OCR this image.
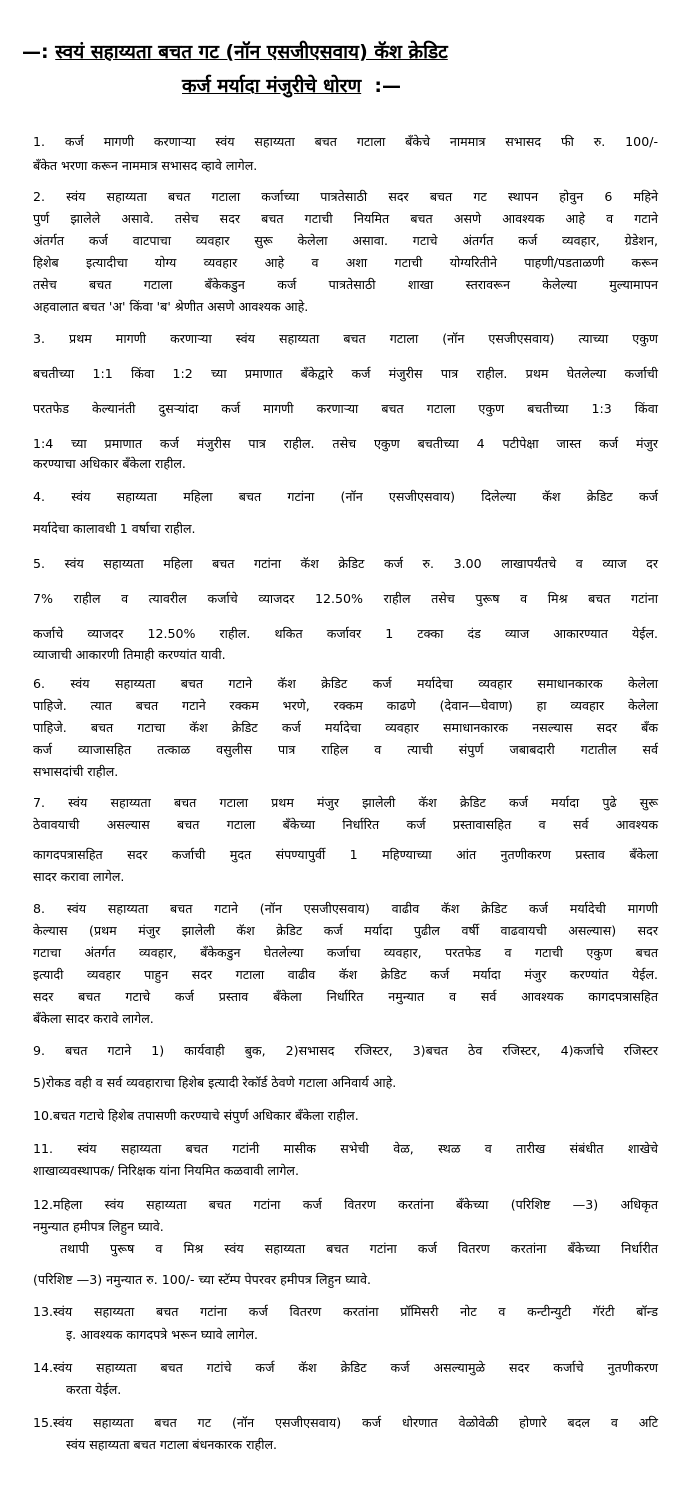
—: स्वयं सहाय्यता बचत गट (नॉन एसजीएसवाय) कॅश क्रेडिट
कर्ज मर्यादा मंजुरीचे धोरण :—
1. कर्ज मागणी करणाऱ्या स्वंय सहाय्यता बचत गटाला बँकेचे नाममात्र सभासद फी रु. 100/-
बँकेत भरणा करून नाममात्र सभासद व्हावे लागेल.
2. स्वंय सहाय्यता बचत गटाला कर्जाच्या पात्रतेसाठी सदर बचत गट स्थापन होवुन 6 महिने
पुर्ण झालेले असावे. तसेच सदर बचत गटाची नियमित बचत असणे आवश्यक आहे व गटाने
अंतर्गत कर्ज वाटपाचा व्यवहार सुरू केलेला असावा. गटाचे अंतर्गत कर्ज व्यवहार, ग्रेडेशन,
हिशेब इत्यादीचा योग्य व्यवहार आहे व अशा गटाची योग्यरितीने पाहणी/पडताळणी करून
तसेच बचत गटाला बँकेकडुन कर्ज पात्रतेसाठी शाखा स्तरावरून केलेल्या मुल्यामापन
अहवालात बचत 'अ' किंवा 'ब' श्रेणीत असणे आवश्यक आहे.
3. प्रथम मागणी करणाऱ्या स्वंय सहाय्यता बचत गटाला (नॉन एसजीएसवाय) त्याच्या एकुण
बचतीच्या 1:1 किंवा 1:2 च्या प्रमाणात बँकेद्वारे कर्ज मंजुरीस पात्र राहील. प्रथम घेतलेल्या कर्जाची
परतफेड केल्यानंती दुसऱ्यांदा कर्ज मागणी करणाऱ्या बचत गटाला एकुण बचतीच्या 1:3 किंवा
1:4 च्या प्रमाणात कर्ज मंजुरीस पात्र राहील. तसेच एकुण बचतीच्या 4 पटीपेक्षा जास्त कर्ज मंजुर
करण्याचा अधिकार बँकेला राहील.
4. स्वंय सहाय्यता महिला बचत गटांना (नॉन एसजीएसवाय) दिलेल्या कॅश क्रेडिट कर्ज
मर्यादेचा कालावधी 1 वर्षाचा राहील.
5. स्वंय सहाय्यता महिला बचत गटांना कॅश क्रेडिट कर्ज रु. 3.00 लाखापर्यंतचे व व्याज दर
7% राहील व त्यावरील कर्जाचे व्याजदर 12.50% राहील तसेच पुरूष व मिश्र बचत गटांना
कर्जाचे व्याजदर 12.50% राहील. थकित कर्जावर 1 टक्का दंड व्याज आकारण्यात येईल.
व्याजाची आकारणी तिमाही करण्यांत यावी.
6. स्वंय सहाय्यता बचत गटाने कॅश क्रेडिट कर्ज मर्यादेचा व्यवहार समाधानकारक केलेला
पाहिजे. त्यात बचत गटाने रक्कम भरणे, रक्कम काढणे (देवान—घेवाण) हा व्यवहार केलेला
पाहिजे. बचत गटाचा कॅश क्रेडिट कर्ज मर्यादेचा व्यवहार समाधानकारक नसल्यास सदर बँक
कर्ज व्याजासहित तत्काळ वसुलीस पात्र राहिल व त्याची संपुर्ण जबाबदारी गटातील सर्व
सभासदांची राहील.
7. स्वंय सहाय्यता बचत गटाला प्रथम मंजुर झालेली कॅश क्रेडिट कर्ज मर्यादा पुढे सुरू
ठेवावयाची असल्यास बचत गटाला बँकेच्या निर्धारित कर्ज प्रस्तावासहित व सर्व आवश्यक
कागदपत्रासहित सदर कर्जाची मुदत संपण्यापुर्वी 1 महिण्याच्या आंत नुतणीकरण प्रस्ताव बँकेला
सादर करावा लागेल.
8. स्वंय सहाय्यता बचत गटाने (नॉन एसजीएसवाय) वाढीव कॅश क्रेडिट कर्ज मर्यादेची मागणी
केल्यास (प्रथम मंजुर झालेली कॅश क्रेडिट कर्ज मर्यादा पुढील वर्षी वाढवायची असल्यास) सदर
गटाचा अंतर्गत व्यवहार, बँकेकडुन घेतलेल्या कर्जाचा व्यवहार, परतफेड व गटाची एकुण बचत
इत्यादी व्यवहार पाहुन सदर गटाला वाढीव कॅश क्रेडिट कर्ज मर्यादा मंजुर करण्यांत येईल.
सदर बचत गटाचे कर्ज प्रस्ताव बँकेला निर्धारित नमुन्यात व सर्व आवश्यक कागदपत्रासहित
बँकेला सादर करावे लागेल.
9. बचत गटाने 1) कार्यवाही बुक, 2)सभासद रजिस्टर, 3)बचत ठेव रजिस्टर, 4)कर्जाचे रजिस्टर
5)रोकड वही व सर्व व्यवहाराचा हिशेब इत्यादी रेकॉर्ड ठेवणे गटाला अनिवार्य आहे.
10.बचत गटाचे हिशेब तपासणी करण्याचे संपुर्ण अधिकार बँकेला राहील.
11. स्वंय सहाय्यता बचत गटांनी मासीक सभेची वेळ, स्थळ व तारीख संबंधीत शाखेचे
शाखाव्यवस्थापक/ निरिक्षक यांना नियमित कळवावी लागेल.
12.महिला स्वंय सहाय्यता बचत गटांना कर्ज वितरण करतांना बँकेच्या (परिशिष्ट —3) अधिकृत
नमुन्यात हमीपत्र लिहुन घ्यावे.
तथापी पुरूष व मिश्र स्वंय सहाय्यता बचत गटांना कर्ज वितरण करतांना बँकेच्या निर्धारीत
(परिशिष्ट —3) नमुन्यात रु. 100/- च्या स्टॅम्प पेपरवर हमीपत्र लिहुन घ्यावे.
13.स्वंय सहाय्यता बचत गटांना कर्ज वितरण करतांना प्रॉमिसरी नोट व कन्टीन्युटी गॅरंटी बॉन्ड
इ. आवश्यक कागदपत्रे भरून घ्यावे लागेल.
14.स्वंय सहाय्यता बचत गटांचे कर्ज कॅश क्रेडिट कर्ज असल्यामुळे सदर कर्जाचे नुतणीकरण
करता येईल.
15.स्वंय सहाय्यता बचत गट (नॉन एसजीएसवाय) कर्ज धोरणात वेळोवेळी होणारे बदल व अटि
स्वंय सहाय्यता बचत गटाला बंधनकारक राहील.
